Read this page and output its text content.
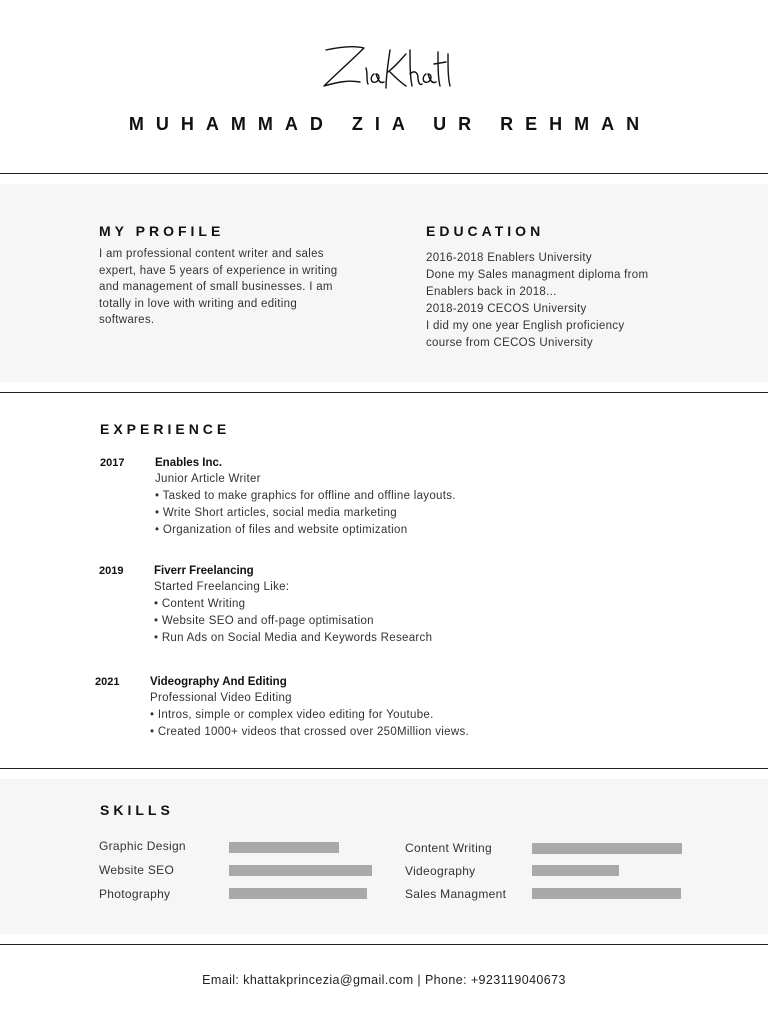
MUHAMMAD ZIA UR REHMAN
MY PROFILE
I am professional content writer and sales
expert, have 5 years of experience in writing
and management of small businesses. I am
totally in love with writing and editing
softwares.
EDUCATION
2016-2018 Enablers University
Done my Sales managment diploma from
Enablers back in 2018...
2018-2019 CECOS University
I did my one year English proficiency
course from CECOS University
EXPERIENCE
2017	Enables Inc.
Junior Article Writer
• Tasked to make graphics for offline and offline layouts.
• Write Short articles, social media marketing
• Organization of files and website optimization
2019	Fiverr Freelancing
Started Freelancing Like:
• Content Writing
• Website SEO and off-page optimisation
• Run Ads on Social Media and Keywords Research
2021	Videography And Editing
Professional Video Editing
• Intros, simple or complex video editing for Youtube.
• Created 1000+ videos that crossed over 250Million views.
SKILLS
Graphic Design
Website SEO
Photography
Content Writing
Videography
Sales Managment
Email: khattakprincezia@gmail.com | Phone: +923119040673
